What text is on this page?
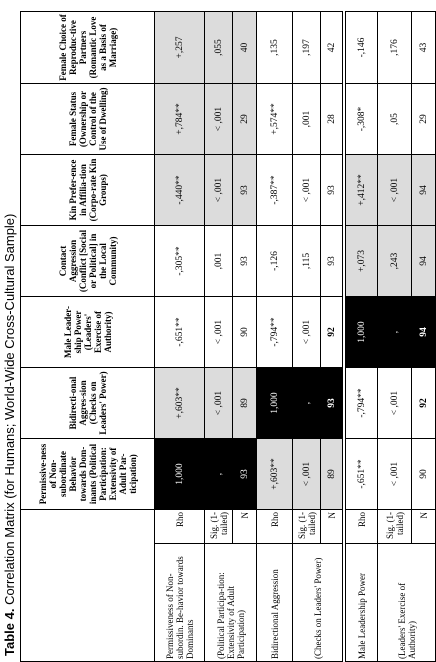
Table 4. Correlation Matrix (for Humans; World-Wide Cross-Cultural Sample)
		Permissive-ness of Non-subordinate Behavior towards Dom-inants (Political Participation: Extensivity of Adult Par-ticipation)	Bidirecti-onal Aggres-sion (Checks on Leaders' Power)	Male Leader-ship Power (Leaders' Exercise of Authority)	Contact Aggression (Conflict [Social or Political] in the Local Community)	Kin Prefer-ence in Affilia-tion (Corpo-rate Kin Groups)	Female Status (Ownership or Control of the Use of Dwelling)	Female Choice of Reproduc-tive Partners (Romantic Love as a Basis of Marriage)
Permissiveness of Non-subordin. Be-havior towards Dominants	Rho	1,000	+,603**	-,651**	-,305**	-,440**	+,784**	+,257
(Political Participa-tion: Extensivity of Adult Participation)	Sig. (1-tailed)	,	< ,001	< ,001	,001	< ,001	< ,001	,055
	N	93	89	90	93	93	29	40
Bidirectional Aggression	Rho	+,603**	1,000	-,794**	-,126	-,387**	+,574**	,135
(Checks on Leaders' Power)	Sig. (1-tailed)	< ,001	,	< ,001	,115	< ,001	,001	,197
	N	89	93	92	93	93	28	42

Male Leadership Power	Rho	-,651**	-,794**	1,000	+,073	+,412**	-,308*	-,146
(Leaders' Exercise of Authority)	Sig. (1-tailed)	< ,001	< ,001	,	,243	< ,001	,05	,176
	N	90	92	94	94	94	29	43
